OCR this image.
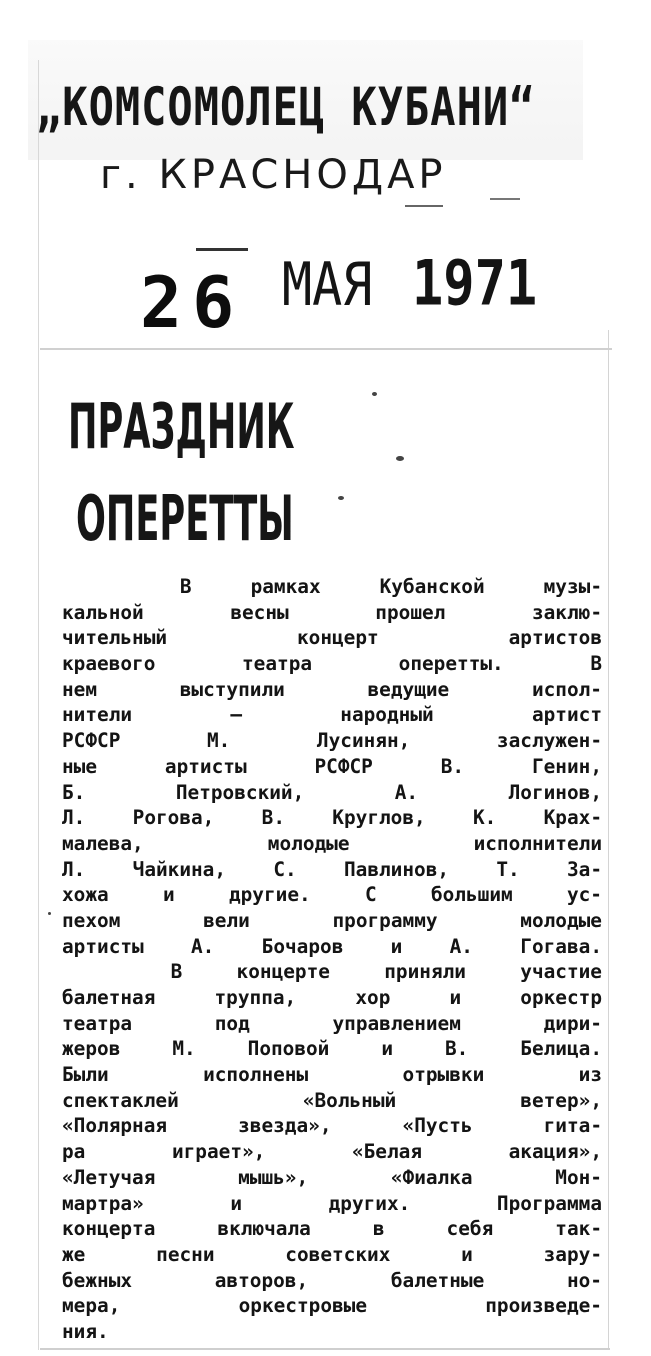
„КОМСОМОЛЕЦ КУБАНИ“
г. КРАСНОДАР
26 МАЯ 1971
ПРАЗДНИК
ОПЕРЕТТЫ
В рамках Кубанской музы-
кальной весны прошел заклю-
чительный концерт артистов
краевого театра оперетты. В
нем выступили ведущие испол-
нители — народный артист
РСФСР М. Лусинян, заслужен-
ные артисты РСФСР В. Генин,
Б. Петровский, А. Логинов,
Л. Рогова, В. Круглов, К. Крах-
малева, молодые исполнители
Л. Чайкина, С. Павлинов, Т. За-
хожа и другие. С большим ус-
пехом вели программу молодые
артисты А. Бочаров и А. Гогава.
В концерте приняли участие
балетная труппа, хор и оркестр
театра под управлением дири-
жеров М. Поповой и В. Белица.
Были исполнены отрывки из
спектаклей «Вольный ветер»,
«Полярная звезда», «Пусть гита-
ра играет», «Белая акация»,
«Летучая мышь», «Фиалка Мон-
мартра» и других. Программа
концерта включала в себя так-
же песни советских и зару-
бежных авторов, балетные но-
мера, оркестровые произведе-
ния.
